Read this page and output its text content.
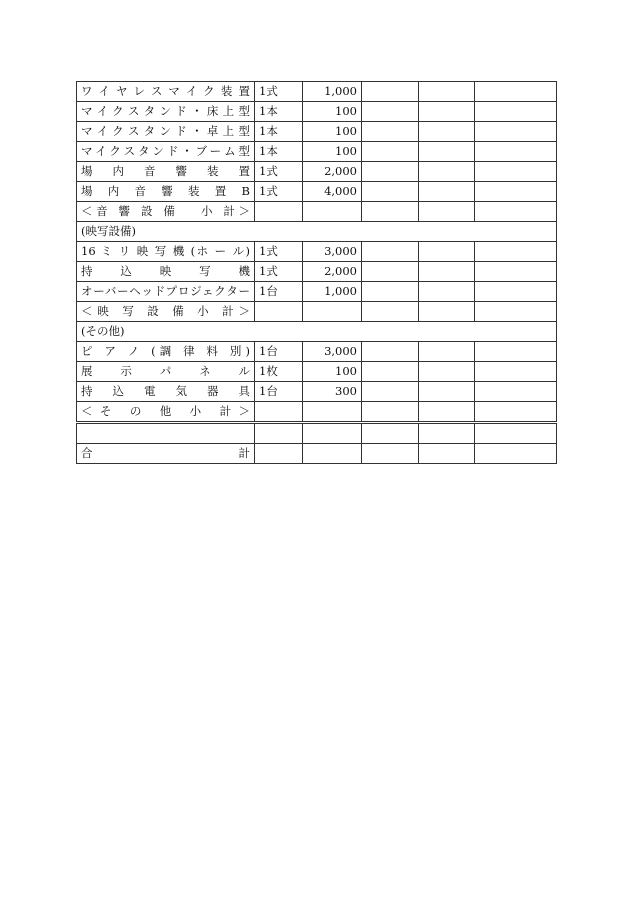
ワイヤレスマイク装置	1式	1,000			
マイクスタンド・床上型	1本	100			
マイクスタンド・卓上型	1本	100			
マイクスタンド・ブーム型	1本	100			
場 内 音 響 装 置	1式	2,000			
場 内 音 響 装 置 B	1式	4,000			
＜音 響 設 備　 小 計＞					
(映写設備)					
16 ミ リ 映 写 機 (ホ ー ル)	1式	3,000			
持 込 映 写 機	1式	2,000			
オーバーヘッドプロジェクター	1台	1,000			
＜映 写 設 備 小 計＞					
(その他)					
ピ ア ノ (調 律 料 別)	1台	3,000			
展 示 パ ネ ル	1枚	100			
持 込 電 気 器 具	1台	300			
＜そ の 他 小 計＞					

合 計					
